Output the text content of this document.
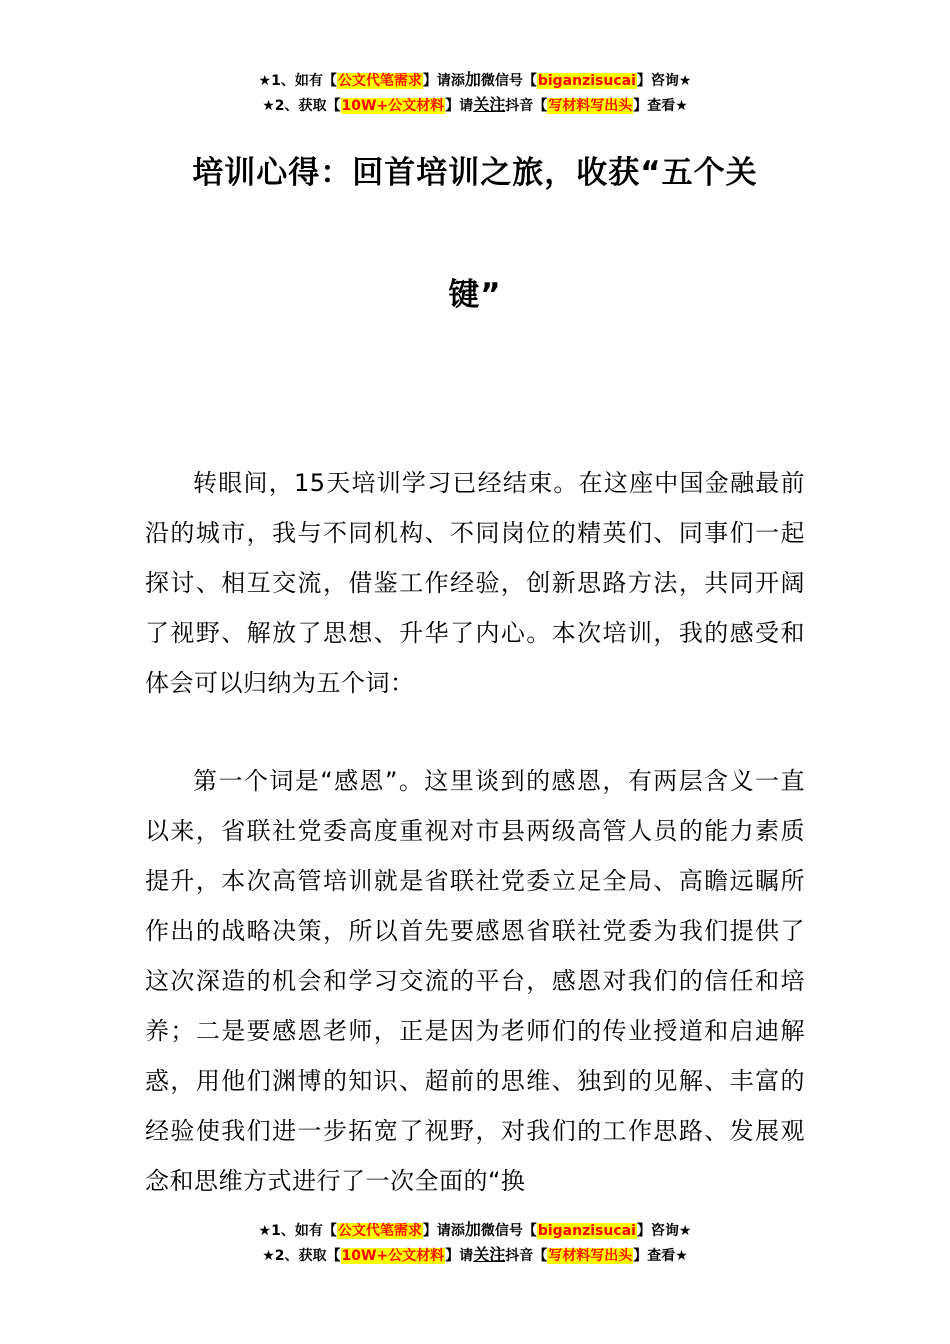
★1、如有【公文代笔需求】请添加微信号【biganzisucai】咨询★
★2、获取【10W+公文材料】请关注抖音【写材料写出头】查看★
培训心得：回首培训之旅，收获“五个关
键”

转眼间，15天培训学习已经结束。在这座中国金融最前沿的城市，我与不同机构、不同岗位的精英们、同事们一起探讨、相互交流，借鉴工作经验，创新思路方法，共同开阔了视野、解放了思想、升华了内心。本次培训，我的感受和体会可以归纳为五个词：

第一个词是“感恩”。这里谈到的感恩，有两层含义一直以来，省联社党委高度重视对市县两级高管人员的能力素质提升，本次高管培训就是省联社党委立足全局、高瞻远瞩所作出的战略决策，所以首先要感恩省联社党委为我们提供了这次深造的机会和学习交流的平台，感恩对我们的信任和培养；二是要感恩老师，正是因为老师们的传业授道和启迪解惑，用他们渊博的知识、超前的思维、独到的见解、丰富的经验使我们进一步拓宽了视野，对我们的工作思路、发展观念和思维方式进行了一次全面的“换

★1、如有【公文代笔需求】请添加微信号【biganzisucai】咨询★
★2、获取【10W+公文材料】请关注抖音【写材料写出头】查看★
